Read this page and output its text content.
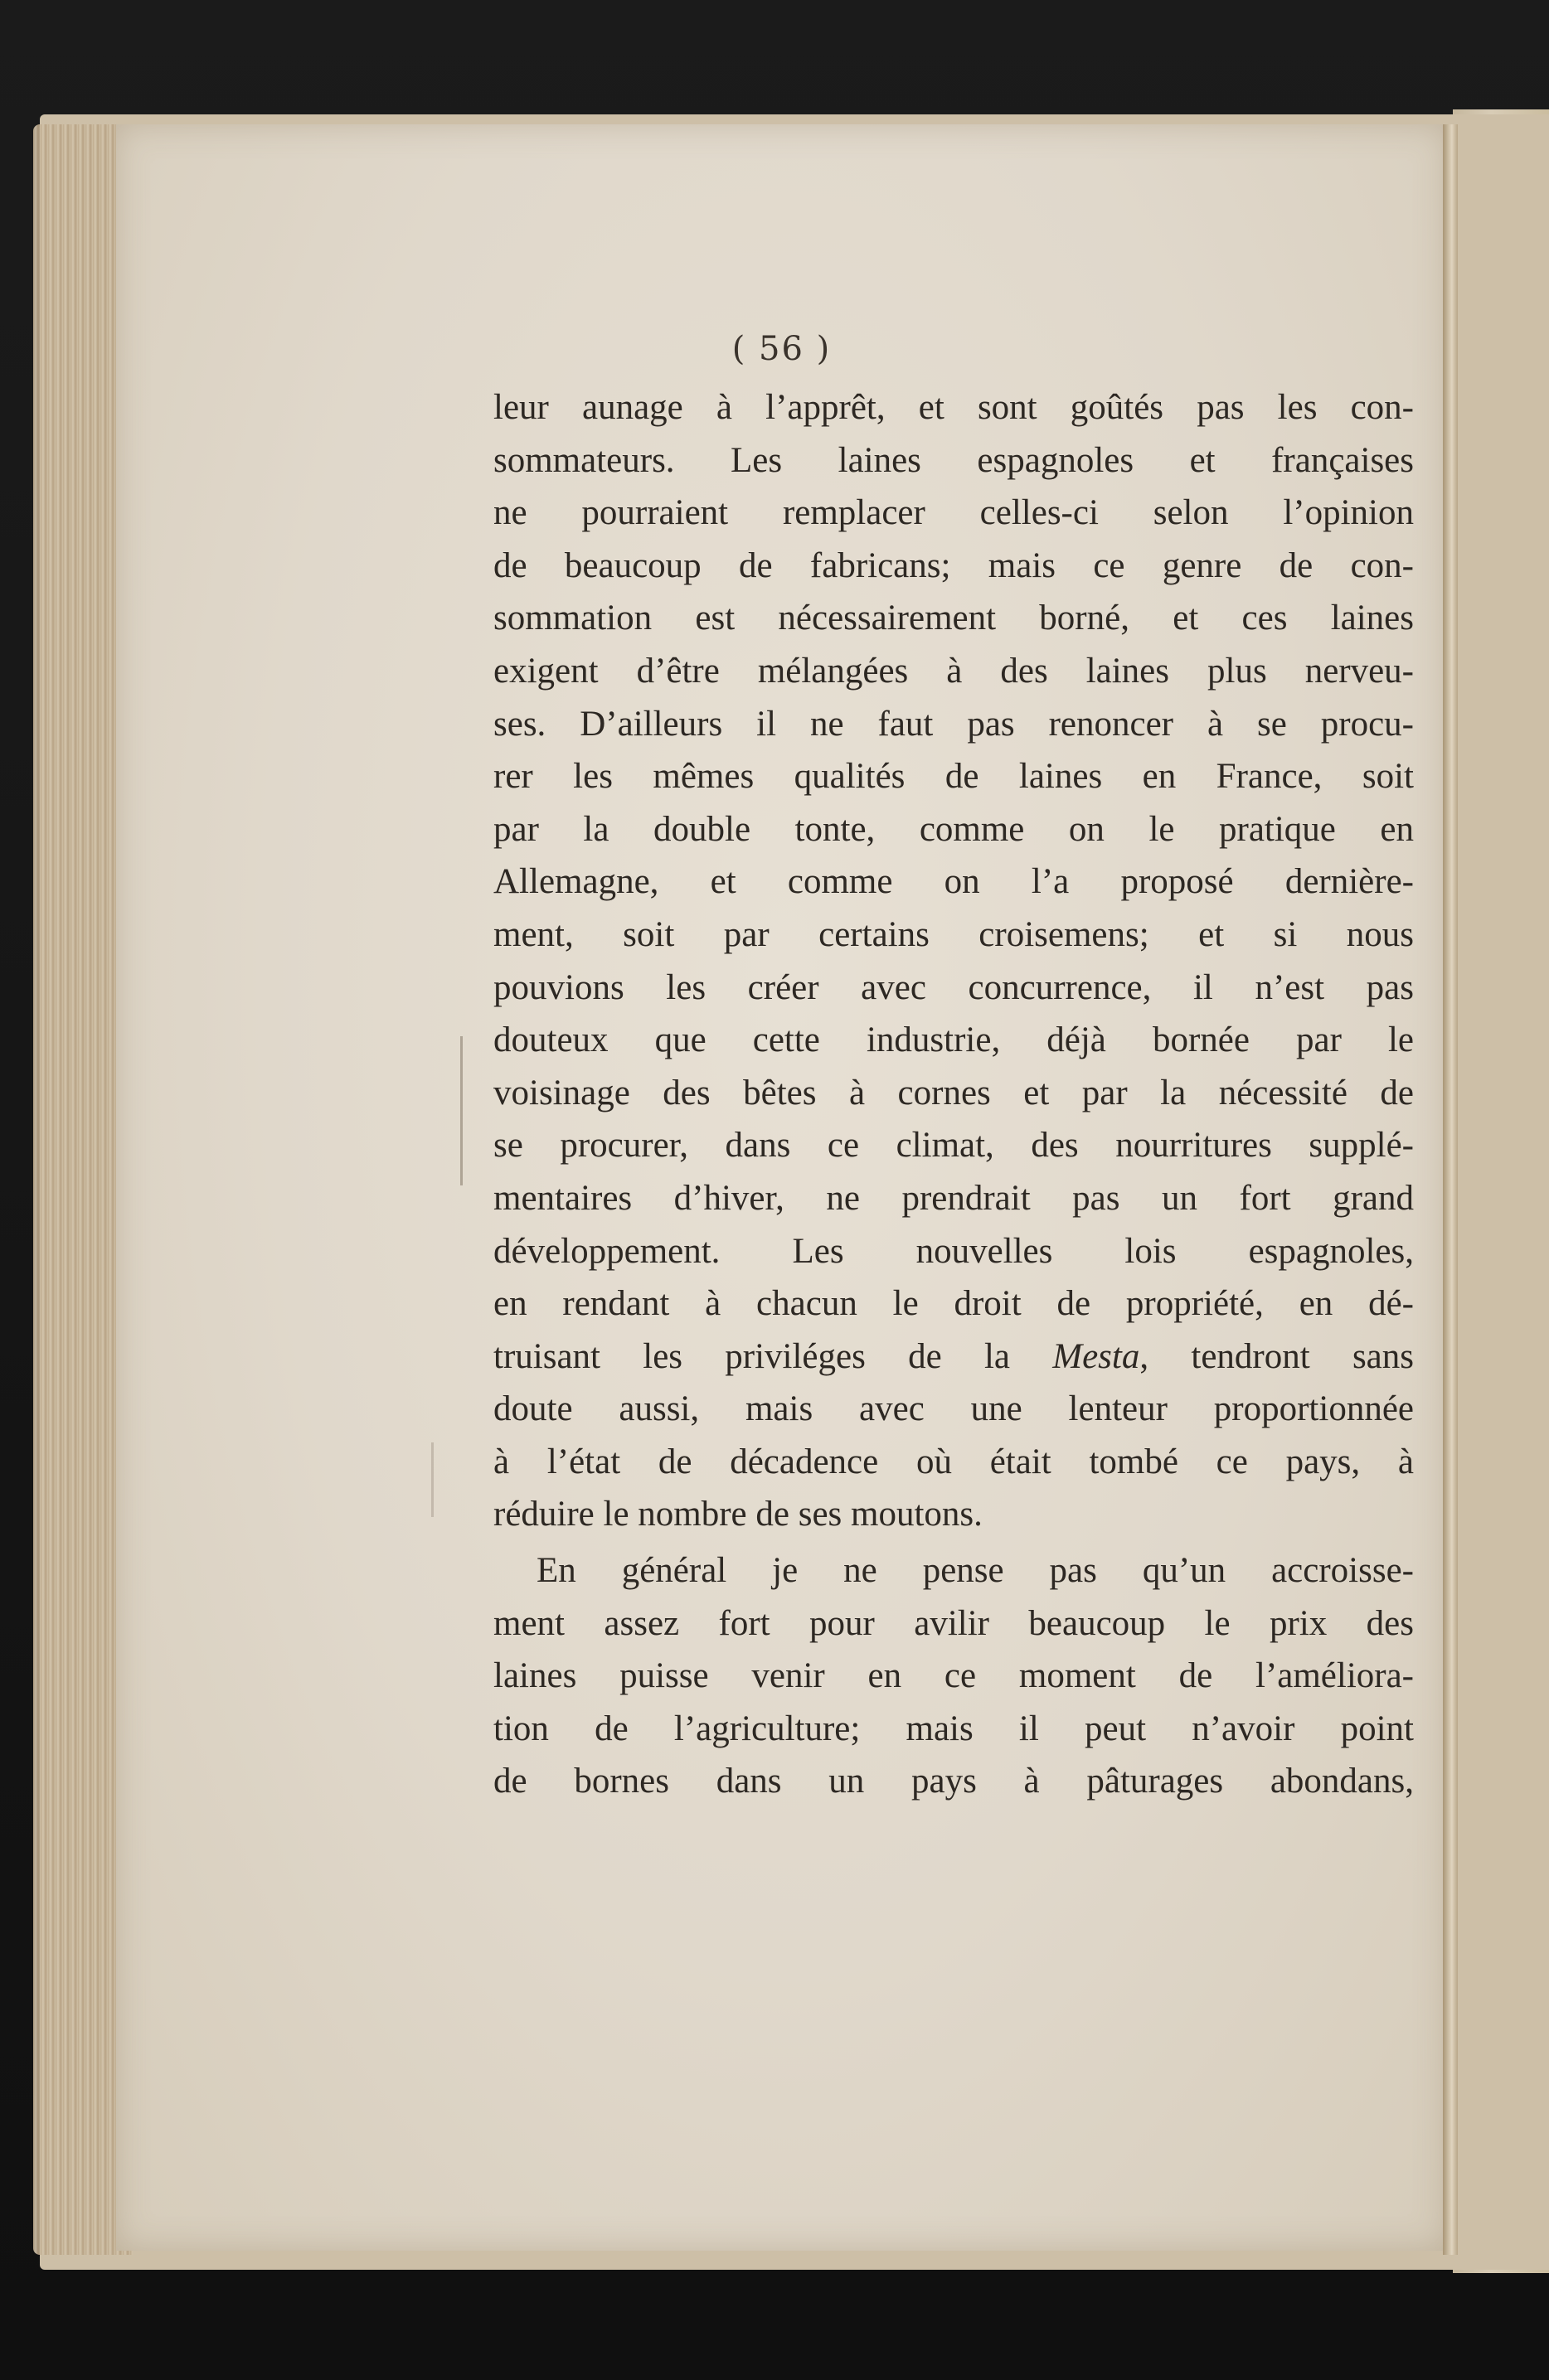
( 56 )
leur aunage à l’apprêt, et sont goûtés pas les con-
sommateurs. Les laines espagnoles et françaises
ne pourraient remplacer celles-ci selon l’opinion
de beaucoup de fabricans; mais ce genre de con-
sommation est nécessairement borné, et ces laines
exigent d’être mélangées à des laines plus nerveu-
ses. D’ailleurs il ne faut pas renoncer à se procu-
rer les mêmes qualités de laines en France, soit
par la double tonte, comme on le pratique en
Allemagne, et comme on l’a proposé dernière-
ment, soit par certains croisemens; et si nous
pouvions les créer avec concurrence, il n’est pas
douteux que cette industrie, déjà bornée par le
voisinage des bêtes à cornes et par la nécessité de
se procurer, dans ce climat, des nourritures supplé-
mentaires d’hiver, ne prendrait pas un fort grand
développement. Les nouvelles lois espagnoles,
en rendant à chacun le droit de propriété, en dé-
truisant les priviléges de la Mesta, tendront sans
doute aussi, mais avec une lenteur proportionnée
à l’état de décadence où était tombé ce pays, à
réduire le nombre de ses moutons.
En général je ne pense pas qu’un accroisse-
ment assez fort pour avilir beaucoup le prix des
laines puisse venir en ce moment de l’améliora-
tion de l’agriculture; mais il peut n’avoir point
de bornes dans un pays à pâturages abondans,
